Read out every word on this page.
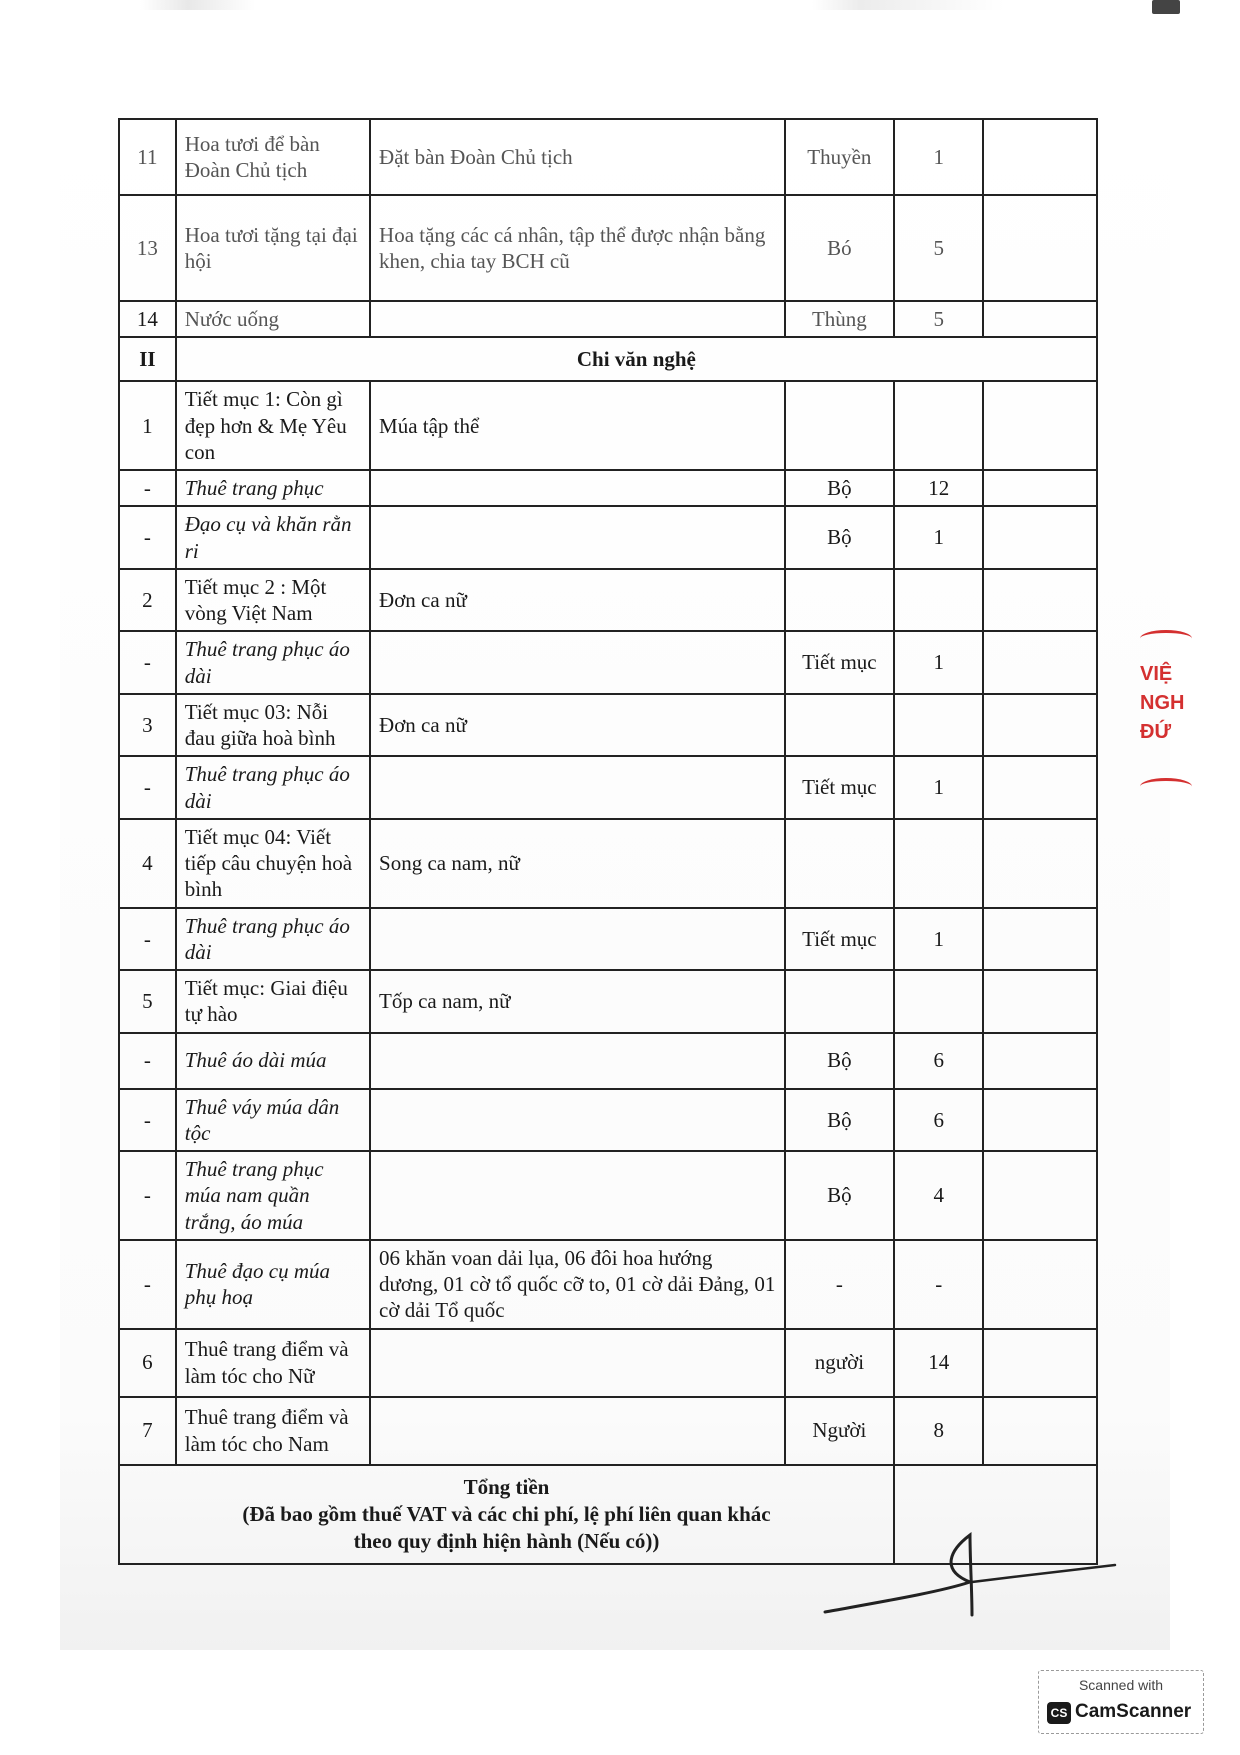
11	Hoa tươi để bàn Đoàn Chủ tịch	Đặt bàn Đoàn Chủ tịch	Thuyền	1	
13	Hoa tươi tặng tại đại hội	Hoa tặng các cá nhân, tập thể được nhận bằng khen, chia tay BCH cũ	Bó	5	
14	Nước uống		Thùng	5	
II	Chi văn nghệ				
1	Tiết mục 1: Còn gì đẹp hơn & Mẹ Yêu con	Múa tập thể			
-	Thuê trang phục		Bộ	12	
-	Đạo cụ và khăn rằn ri		Bộ	1	
2	Tiết mục 2 : Một vòng Việt Nam	Đơn ca nữ			
-	Thuê trang phục áo dài		Tiết mục	1	
3	Tiết mục 03: Nỗi đau giữa hoà bình	Đơn ca nữ			
-	Thuê trang phục áo dài		Tiết mục	1	
4	Tiết mục 04: Viết tiếp câu chuyện hoà bình	Song ca nam, nữ			
-	Thuê trang phục áo dài		Tiết mục	1	
5	Tiết mục: Giai điệu tự hào	Tốp ca nam, nữ			
-	Thuê áo dài múa		Bộ	6	
-	Thuê váy múa dân tộc		Bộ	6	
-	Thuê trang phục múa nam quần trắng, áo múa		Bộ	4	
-	Thuê đạo cụ múa phụ hoạ	06 khăn voan dải lụa, 06 đôi hoa hướng dương, 01 cờ tổ quốc cỡ to, 01 cờ dải Đảng, 01 cờ dải Tổ quốc	-	-	
6	Thuê trang điểm và làm tóc cho Nữ		người	14	
7	Thuê trang điểm và làm tóc cho Nam		Người	8	

Tổng tiền
(Đã bao gồm thuế VAT và các chi phí, lệ phí liên quan khác
theo quy định hiện hành (Nếu có))					

VIỆ
NGH
ĐỨ
Scanned with
CS CamScanner
